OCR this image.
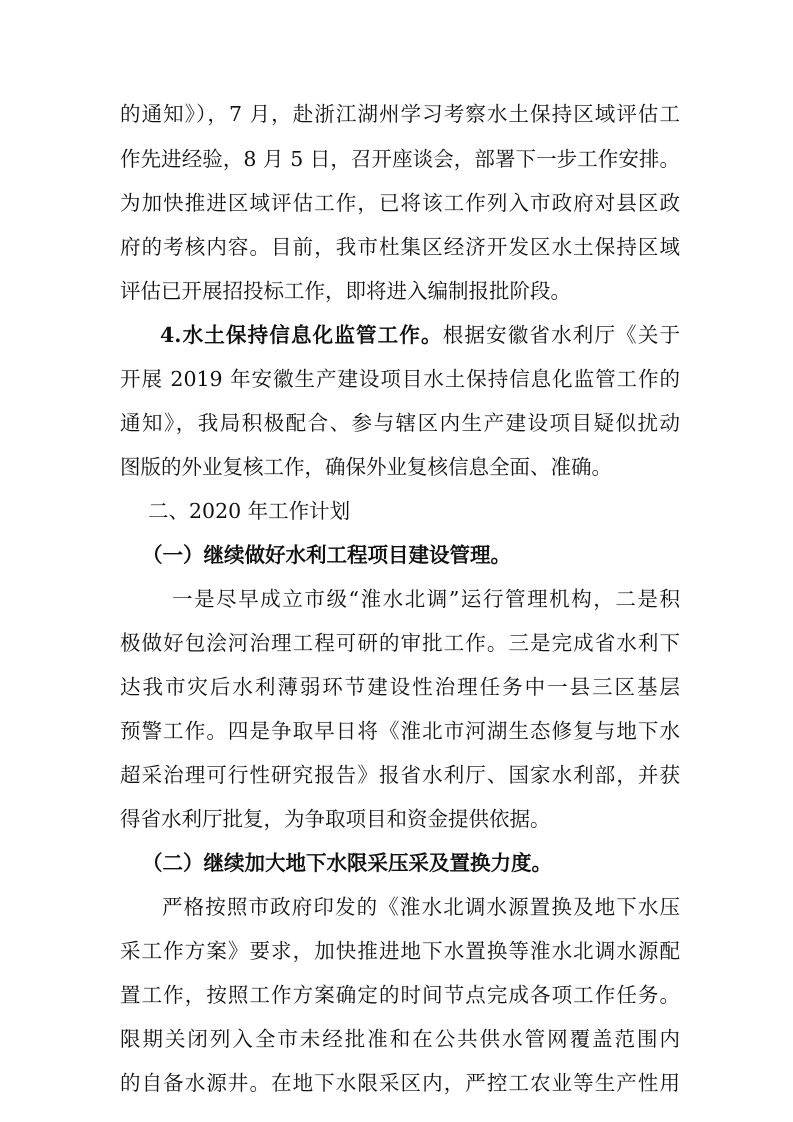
的通知》），7 月，赴浙江湖州学习考察水土保持区域评估工
作先进经验，8 月 5 日，召开座谈会，部署下一步工作安排。
为加快推进区域评估工作，已将该工作列入市政府对县区政
府的考核内容。目前，我市杜集区经济开发区水土保持区域
评估已开展招投标工作，即将进入编制报批阶段。
4.水土保持信息化监管工作。根据安徽省水利厅《关于
开展 2019 年安徽生产建设项目水土保持信息化监管工作的
通知》，我局积极配合、参与辖区内生产建设项目疑似扰动
图版的外业复核工作，确保外业复核信息全面、准确。
二、2020 年工作计划
（一）继续做好水利工程项目建设管理。
一是尽早成立市级“淮水北调”运行管理机构，二是积
极做好包浍河治理工程可研的审批工作。三是完成省水利下
达我市灾后水利薄弱环节建设性治理任务中一县三区基层
预警工作。四是争取早日将《淮北市河湖生态修复与地下水
超采治理可行性研究报告》报省水利厅、国家水利部，并获
得省水利厅批复，为争取项目和资金提供依据。
（二）继续加大地下水限采压采及置换力度。
严格按照市政府印发的《淮水北调水源置换及地下水压
采工作方案》要求，加快推进地下水置换等淮水北调水源配
置工作，按照工作方案确定的时间节点完成各项工作任务。
限期关闭列入全市未经批准和在公共供水管网覆盖范围内
的自备水源井。在地下水限采区内，严控工农业等生产性用
